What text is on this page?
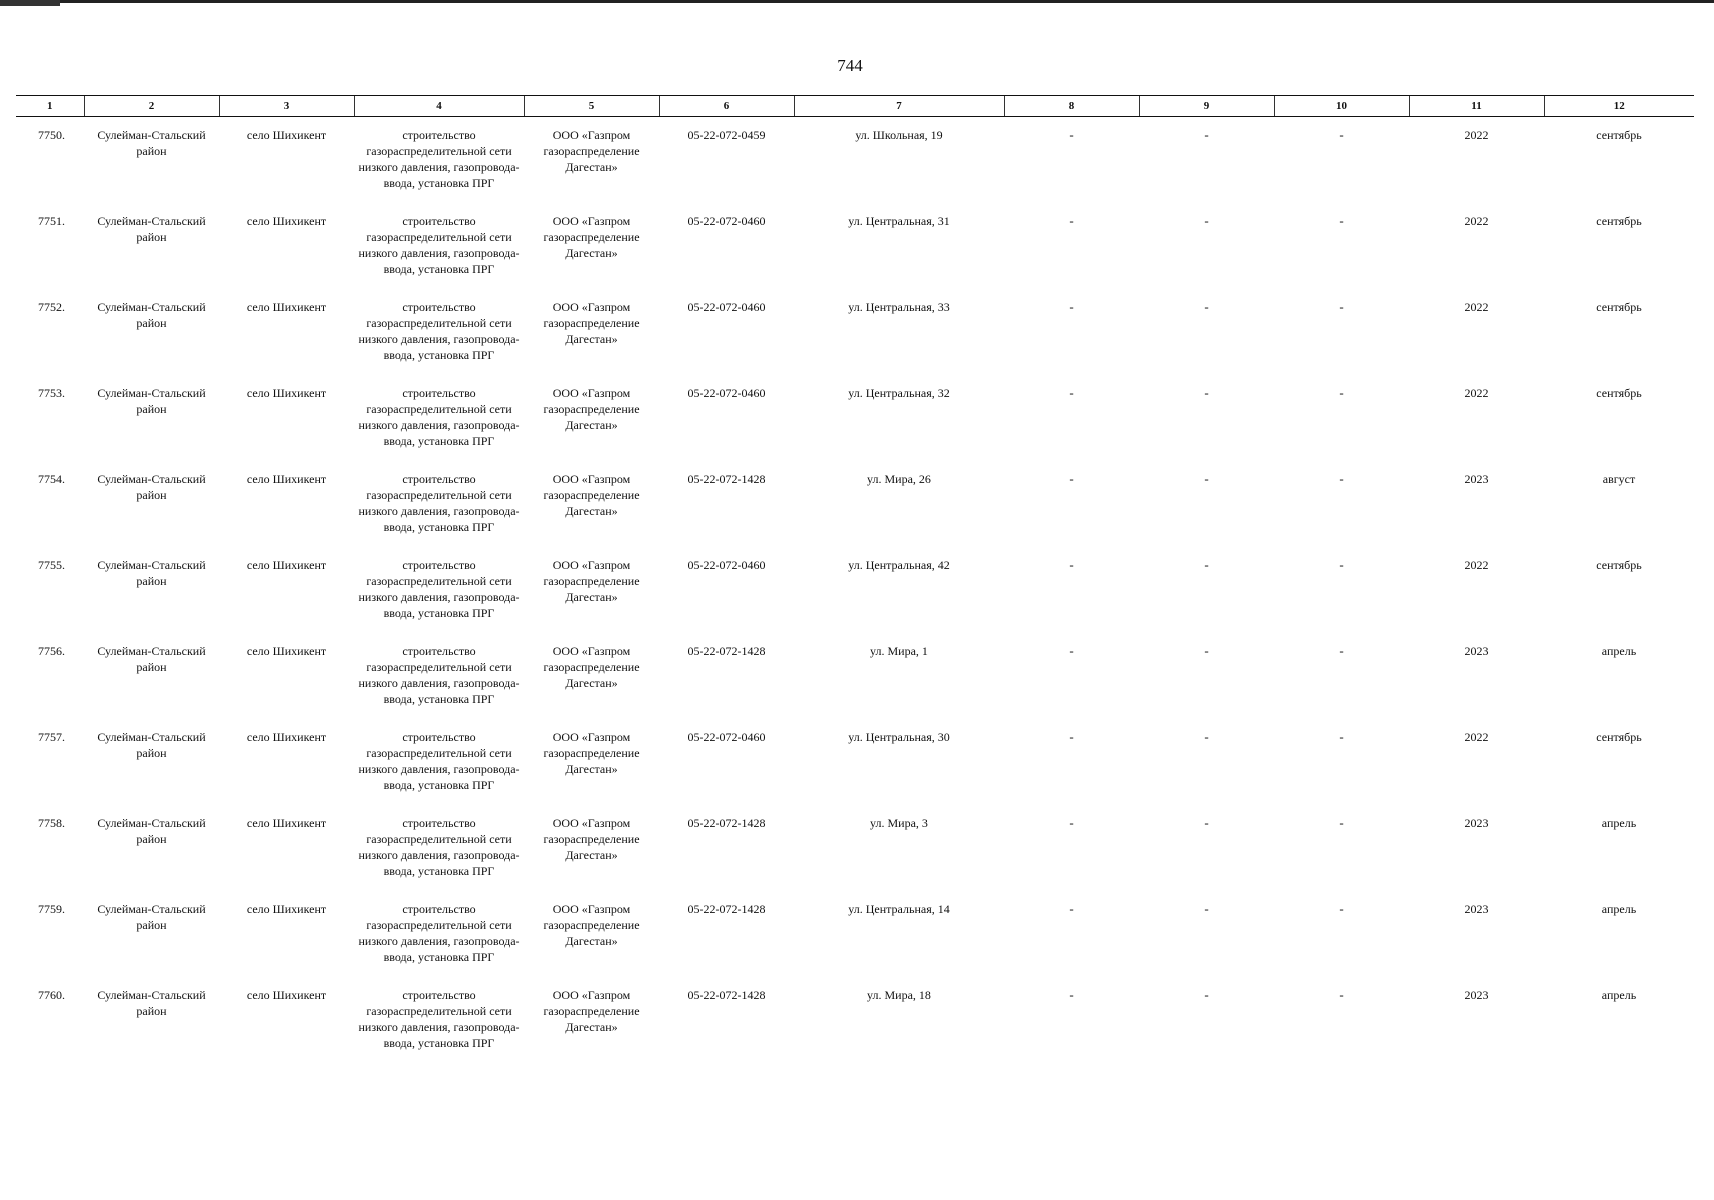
744
1	2	3	4	5	6	7	8	9	10	11	12
7750.	Сулейман-Стальский район	село Шихикент	строительство газораспределительной сети низкого давления, газопровода-ввода, установка ПРГ	ООО «Газпром газораспределение Дагестан»	05-22-072-0459	ул. Школьная, 19	-	-	-	2022	сентябрь
7751.	Сулейман-Стальский район	село Шихикент	строительство газораспределительной сети низкого давления, газопровода-ввода, установка ПРГ	ООО «Газпром газораспределение Дагестан»	05-22-072-0460	ул. Центральная, 31	-	-	-	2022	сентябрь
7752.	Сулейман-Стальский район	село Шихикент	строительство газораспределительной сети низкого давления, газопровода-ввода, установка ПРГ	ООО «Газпром газораспределение Дагестан»	05-22-072-0460	ул. Центральная, 33	-	-	-	2022	сентябрь
7753.	Сулейман-Стальский район	село Шихикент	строительство газораспределительной сети низкого давления, газопровода-ввода, установка ПРГ	ООО «Газпром газораспределение Дагестан»	05-22-072-0460	ул. Центральная, 32	-	-	-	2022	сентябрь
7754.	Сулейман-Стальский район	село Шихикент	строительство газораспределительной сети низкого давления, газопровода-ввода, установка ПРГ	ООО «Газпром газораспределение Дагестан»	05-22-072-1428	ул. Мира, 26	-	-	-	2023	август
7755.	Сулейман-Стальский район	село Шихикент	строительство газораспределительной сети низкого давления, газопровода-ввода, установка ПРГ	ООО «Газпром газораспределение Дагестан»	05-22-072-0460	ул. Центральная, 42	-	-	-	2022	сентябрь
7756.	Сулейман-Стальский район	село Шихикент	строительство газораспределительной сети низкого давления, газопровода-ввода, установка ПРГ	ООО «Газпром газораспределение Дагестан»	05-22-072-1428	ул. Мира, 1	-	-	-	2023	апрель
7757.	Сулейман-Стальский район	село Шихикент	строительство газораспределительной сети низкого давления, газопровода-ввода, установка ПРГ	ООО «Газпром газораспределение Дагестан»	05-22-072-0460	ул. Центральная, 30	-	-	-	2022	сентябрь
7758.	Сулейман-Стальский район	село Шихикент	строительство газораспределительной сети низкого давления, газопровода-ввода, установка ПРГ	ООО «Газпром газораспределение Дагестан»	05-22-072-1428	ул. Мира, 3	-	-	-	2023	апрель
7759.	Сулейман-Стальский район	село Шихикент	строительство газораспределительной сети низкого давления, газопровода-ввода, установка ПРГ	ООО «Газпром газораспределение Дагестан»	05-22-072-1428	ул. Центральная, 14	-	-	-	2023	апрель
7760.	Сулейман-Стальский район	село Шихикент	строительство газораспределительной сети низкого давления, газопровода-ввода, установка ПРГ	ООО «Газпром газораспределение Дагестан»	05-22-072-1428	ул. Мира, 18	-	-	-	2023	апрель
